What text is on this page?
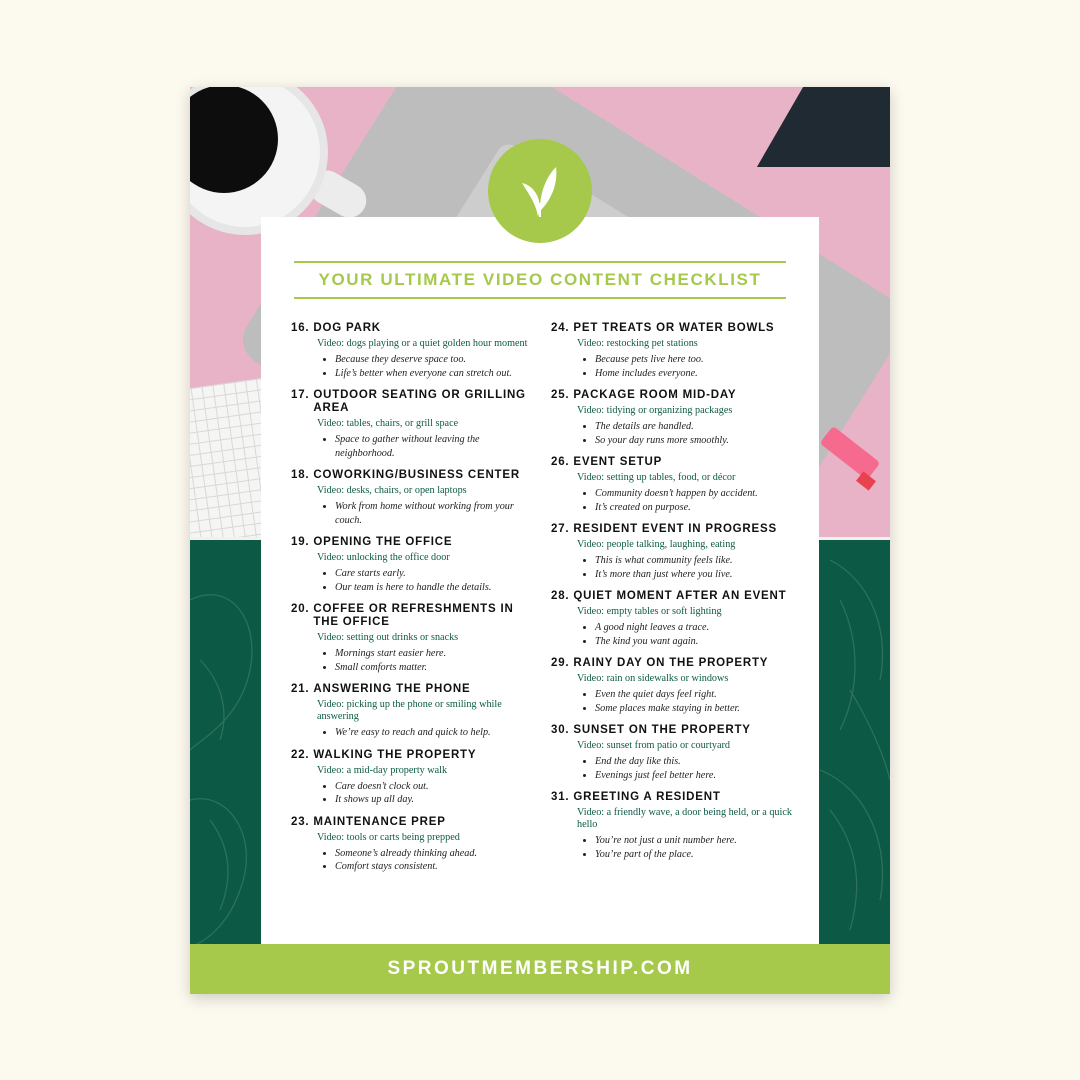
SPROUTMEMBERSHIP.COM
YOUR ULTIMATE VIDEO CONTENT CHECKLIST
16. DOG PARK
Video: dogs playing or a quiet golden hour moment
• Because they deserve space too.
• Life’s better when everyone can stretch out.
17. OUTDOOR SEATING OR GRILLING AREA
Video: tables, chairs, or grill space
• Space to gather without leaving the neighborhood.
18. COWORKING/BUSINESS CENTER
Video: desks, chairs, or open laptops
• Work from home without working from your couch.
19. OPENING THE OFFICE
Video: unlocking the office door
• Care starts early.
• Our team is here to handle the details.
20. COFFEE OR REFRESHMENTS IN THE OFFICE
Video: setting out drinks or snacks
• Mornings start easier here.
• Small comforts matter.
21. ANSWERING THE PHONE
Video: picking up the phone or smiling while answering
• We’re easy to reach and quick to help.
22. WALKING THE PROPERTY
Video: a mid-day property walk
• Care doesn’t clock out.
• It shows up all day.
23. MAINTENANCE PREP
Video: tools or carts being prepped
• Someone’s already thinking ahead.
• Comfort stays consistent.
24. PET TREATS OR WATER BOWLS
Video: restocking pet stations
• Because pets live here too.
• Home includes everyone.
25. PACKAGE ROOM MID-DAY
Video: tidying or organizing packages
• The details are handled.
• So your day runs more smoothly.
26. EVENT SETUP
Video: setting up tables, food, or décor
• Community doesn’t happen by accident.
• It’s created on purpose.
27. RESIDENT EVENT IN PROGRESS
Video: people talking, laughing, eating
• This is what community feels like.
• It’s more than just where you live.
28. QUIET MOMENT AFTER AN EVENT
Video: empty tables or soft lighting
• A good night leaves a trace.
• The kind you want again.
29. RAINY DAY ON THE PROPERTY
Video: rain on sidewalks or windows
• Even the quiet days feel right.
• Some places make staying in better.
30. SUNSET ON THE PROPERTY
Video: sunset from patio or courtyard
• End the day like this.
• Evenings just feel better here.
31. GREETING A RESIDENT
Video: a friendly wave, a door being held, or a quick hello
• You’re not just a unit number here.
• You’re part of the place.
